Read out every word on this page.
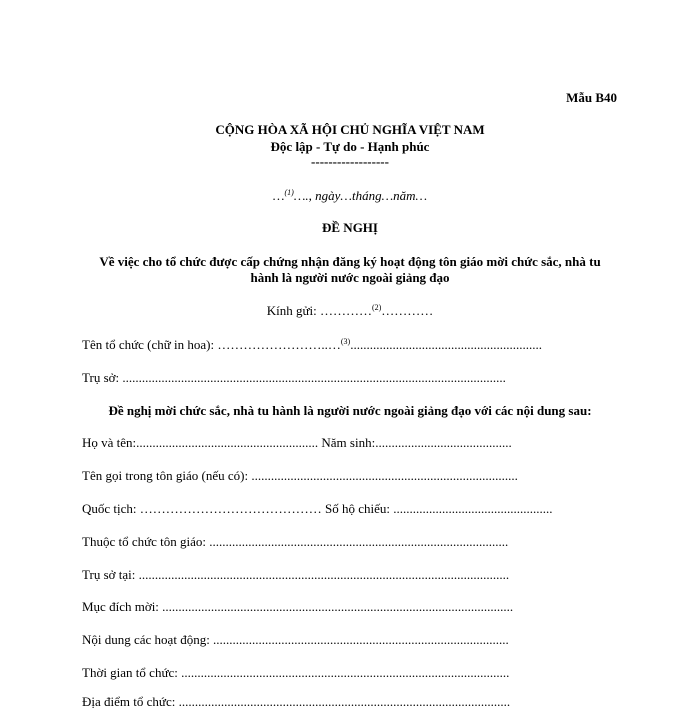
Mẫu B40
CỘNG HÒA XÃ HỘI CHỦ NGHĨA VIỆT NAM
Độc lập - Tự do - Hạnh phúc
------------------
…$^{(1)}$…., ngày…tháng…năm…
ĐỀ NGHỊ
Về việc cho tổ chức được cấp chứng nhận đăng ký hoạt động tôn giáo mời chức sắc, nhà tu
hành là người nước ngoài giảng đạo
Kính gửi: …………$^{(2)}$…………
Tên tổ chức (chữ in hoa): ……………………..…$^{(3)}$...........................................................
Trụ sở: ......................................................................................................................
Đề nghị mời chức sắc, nhà tu hành là người nước ngoài giảng đạo với các nội dung sau:
Họ và tên:........................................................ Năm sinh:..........................................
Tên gọi trong tôn giáo (nếu có): ..................................................................................
Quốc tịch: …………………………………… Số hộ chiếu: .................................................
Thuộc tổ chức tôn giáo: ............................................................................................
Trụ sở tại: ..................................................................................................................
Mục đích mời: ............................................................................................................
Nội dung các hoạt động: ...........................................................................................
Thời gian tổ chức: .....................................................................................................
Địa điểm tổ chức: ......................................................................................................
